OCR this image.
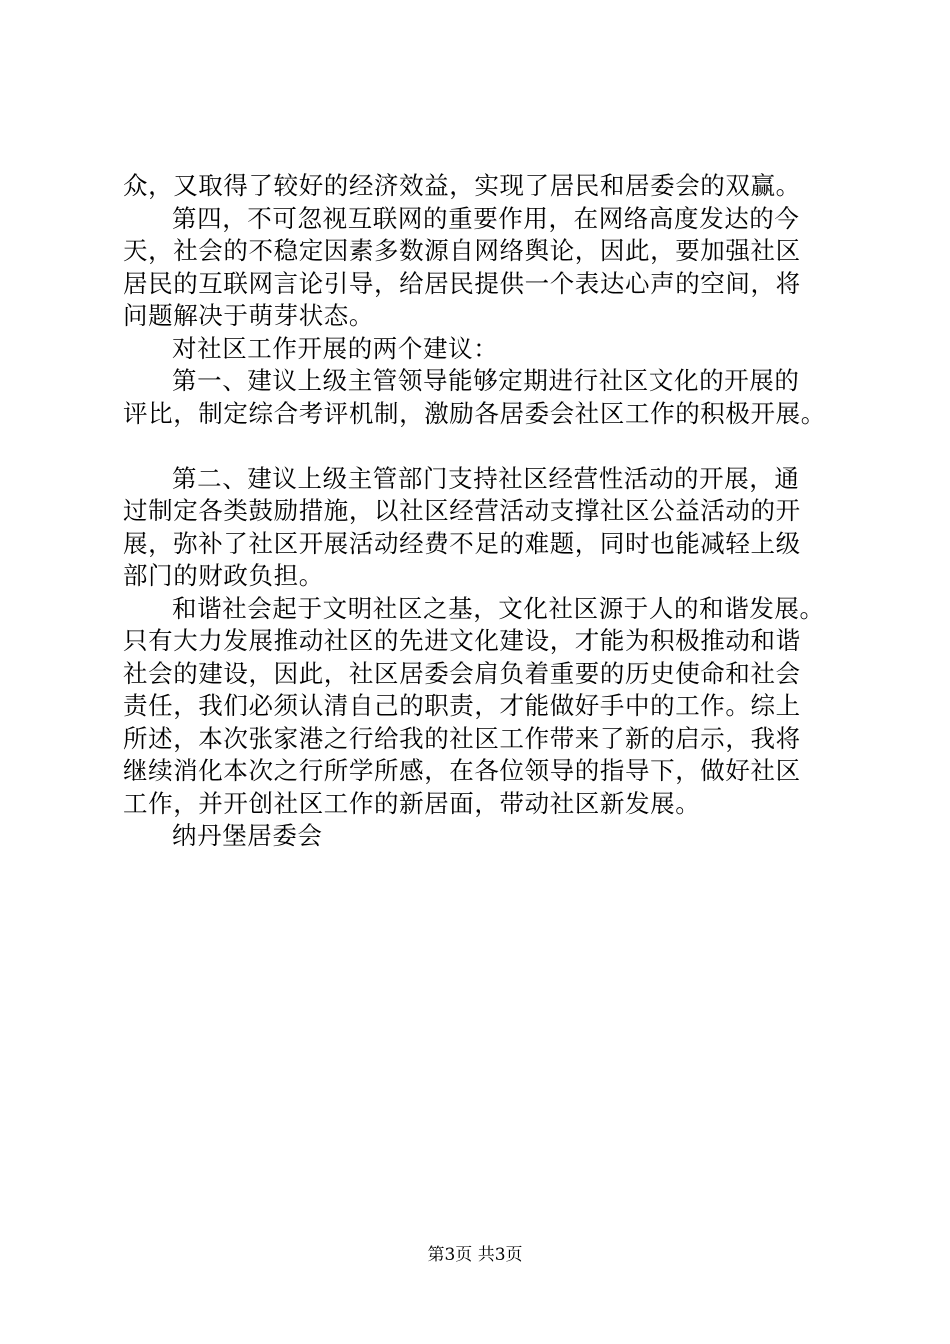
众，又取得了较好的经济效益，实现了居民和居委会的双赢。
第四，不可忽视互联网的重要作用，在网络高度发达的今
天，社会的不稳定因素多数源自网络舆论，因此，要加强社区
居民的互联网言论引导，给居民提供一个表达心声的空间，将
问题解决于萌芽状态。
对社区工作开展的两个建议：
第一、建议上级主管领导能够定期进行社区文化的开展的
评比，制定综合考评机制，激励各居委会社区工作的积极开展。
第二、建议上级主管部门支持社区经营性活动的开展，通
过制定各类鼓励措施，以社区经营活动支撑社区公益活动的开
展，弥补了社区开展活动经费不足的难题，同时也能减轻上级
部门的财政负担。
和谐社会起于文明社区之基，文化社区源于人的和谐发展。
只有大力发展推动社区的先进文化建设，才能为积极推动和谐
社会的建设，因此，社区居委会肩负着重要的历史使命和社会
责任，我们必须认清自己的职责，才能做好手中的工作。综上
所述，本次张家港之行给我的社区工作带来了新的启示，我将
继续消化本次之行所学所感，在各位领导的指导下，做好社区
工作，并开创社区工作的新居面，带动社区新发展。
纳丹堡居委会
第3页 共3页
